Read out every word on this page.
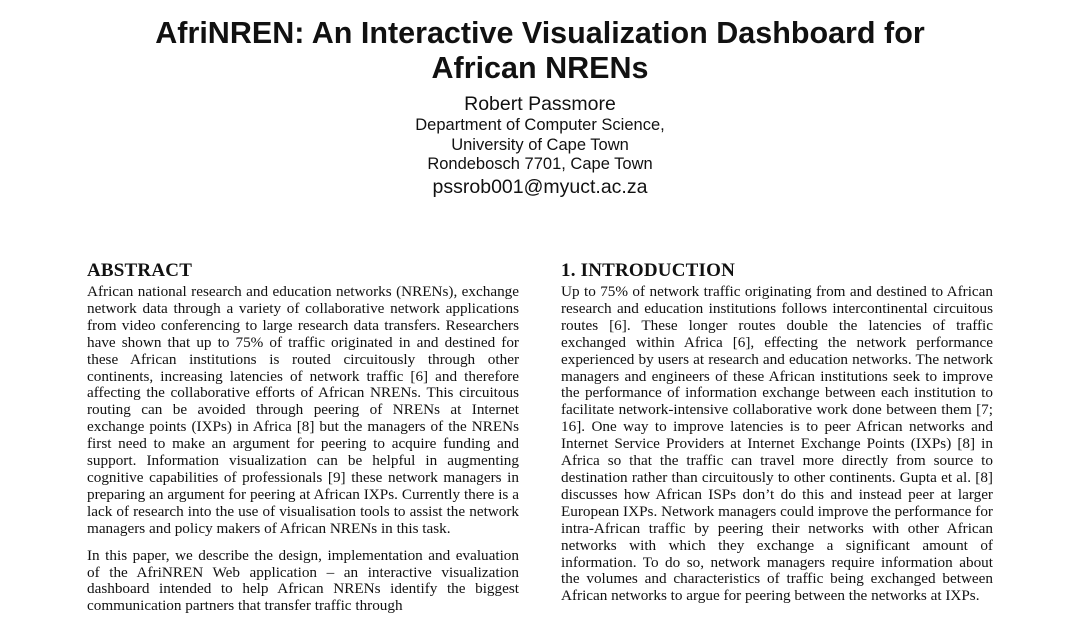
AfriNREN: An Interactive Visualization Dashboard for
African NRENs
Robert Passmore
Department of Computer Science,
University of Cape Town
Rondebosch 7701, Cape Town
pssrob001@myuct.ac.za
ABSTRACT

African national research and education networks (NRENs), exchange network data through a variety of collaborative network applications from video conferencing to large research data transfers. Researchers have shown that up to 75% of traffic originated in and destined for these African institutions is routed circuitously through other continents, increasing latencies of network traffic [6] and therefore affecting the collaborative efforts of African NRENs. This circuitous routing can be avoided through peering of NRENs at Internet exchange points (IXPs) in Africa [8] but the managers of the NRENs first need to make an argument for peering to acquire funding and support. Information visualization can be helpful in augmenting cognitive capabilities of professionals [9] these network managers in preparing an argument for peering at African IXPs. Currently there is a lack of research into the use of visualisation tools to assist the network managers and policy makers of African NRENs in this task.

In this paper, we describe the design, implementation and evaluation of the AfriNREN Web application – an interactive visualization dashboard intended to help African NRENs identify the biggest communication partners that transfer traffic through

1. INTRODUCTION

Up to 75% of network traffic originating from and destined to African research and education institutions follows intercontinental circuitous routes [6]. These longer routes double the latencies of traffic exchanged within Africa [6], effecting the network performance experienced by users at research and education networks. The network managers and engineers of these African institutions seek to improve the performance of information exchange between each institution to facilitate network-intensive collaborative work done between them [7; 16]. One way to improve latencies is to peer African networks and Internet Service Providers at Internet Exchange Points (IXPs) [8] in Africa so that the traffic can travel more directly from source to destination rather than circuitously to other continents. Gupta et al. [8] discusses how African ISPs don’t do this and instead peer at larger European IXPs. Network managers could improve the performance for intra-African traffic by peering their networks with other African networks with which they exchange a significant amount of information. To do so, network managers require information about the volumes and characteristics of traffic being exchanged between African networks to argue for peering between the networks at IXPs.
